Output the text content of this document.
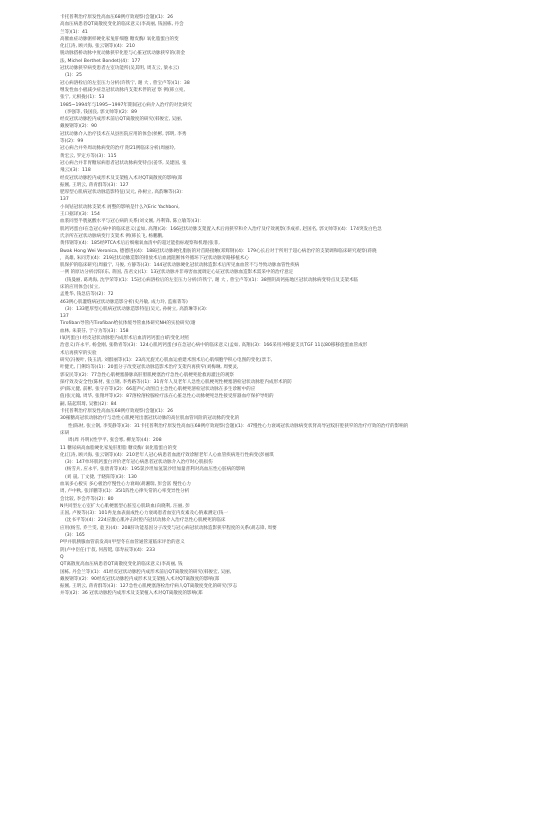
卡托普利治疗原发性高血压68例疗效观察(会题)(1)：26

高血压病患者QT离散度变化的临床意义(李高丽, 钱国栋, 丹会

兰等)(1)：41

高催血症动脉粥样硬化家兔肝细胞 糖皮酶/ 氧化脂蛋白的变

化(江涛, 顾兴海, 张云钢等)(4)：210

脱动脉搭桥动脉中度动脉狭窄化腔与心脏冠状动脉狭窄的(蒋金

法, Michel Berthet Bondet)(4)：177

冠状动脉狭窄病变患者左室功能所(吴其明, 周友云, 梁永云)

(1)：25

冠心病溶栓后的左室压力分析(许铁宁, 谢 大 , 曾宝卢等)(1)：38

继发性血小板减少症急冠状动脉内支架术伴的冠 察 例(韩立宛,

张宁, 元相拢)(1)：53

1985~1994年与1995~1997年期间冠心病介入治疗的对比研究

(李强等, 钱国良, 郭文帅等)(2)：89

经皮冠状动脉腔内成形术前后QT离散度的研究(韩俊宏, 吴丽,

戴俊钢等)(2)：90

冠状动脉介入治疗技术在从县医院应用的体会(侯彬, 郭明, 李秀

等)(2)：99

冠心病合并外周动脉病变的治疗 附21例临床分析(周丽玲,

黄宏云, 罗定方等)(3)：115

冠心病合并非胃糖尿病患者冠状动脉病变特点(姜华, 吴建国, 张

飛云)(3)：118

经皮冠状动脉腔内成形术及支架植入术对QT离散度的影响(郑

振刚, 王明云, 蒋青群等)(3)：127

肥厚型心肌病冠状动脉造影特征(吴元, 孙树立, 高韵琳等)(3)：

137

小岗钴冠状动脉支架术 屑整的影响是什么?(Eric Yachboni,

王口据译)(3)：154

血浆同型半胱氨酸水平与冠心病的关系(刘文刚, 丹利锋, 陈立敏等)(3)：

肌钙钙蛋白Ⅰ在急冠心病中的临床意义(孟如, 高翔)(3)：166冠状动脉支架置入术后再狭窄和介入治疗及疗效观察(李成祥, 赵国名, 郭文帅等)(4)：174突发白色急

氏亲所在冠状动脉病变行支架术 例(韩长飞, 杨鹏鹏,

黄伟钢等)(4)：185经PTCA术后后细瘤氧血清中的超过能指标观察和机理(张菲,

Bwak Hong Wei Veronica, 德德进)(4)：188冠状动脉硬化脂肪的对首路接触(邓辉钢)(4)：179心长后对于所用于超心病治疗的支架调和临床研究观察(蒋晓

，高雄, 朱同芳)(4)：219冠状动脉造影的排放术后血流阻断体外循环下冠状动脉旁路移植术心

肌保护的临床研究(周毅宁, 马俊, 方静等)(3)：144冠状动脉硬化冠状动脉造影术后所见血血管不与导致动脉血管性疾病

一例 的原访分析(郭泽东, 蒋国, 苗君文)(1)：13冠状动脉并非毒害血流调定心证冠状动脉血造影术需采中的治疗意定

(钱曼丽, 葛鸡海, 沈学荣等)(1)：15冠心病溶栓后的左室压力分析(许铁宁, 谢 大 , 曾宝卢等)(1)：38照阴高钙拓地区冠状动脉病变特点及支架术临

床的应用体会(贫立,

孟胜华, 钱急信等)(2)：72

463例心肌灌缝病冠状动脉造影分析(史丹敏, 成力玲, 监雍菁等)

(3)：133肥厚型心肌病冠状动脉造影特征(吴元, 孙树立, 高韵琳等)(3)：

137

Tirofiban导管内Tirofiban给抗体缓导管血体研究NH的实验研究(谢

血林, 朱秉芬, 于守为等)(3)：158

Ⅰ氧钙蛋白Ⅰ 经皮冠状动脉腔内成形术后血清钙钙蛋白Ⅰ的变化对照

治意义(许永平, 杨金刚, 张勒青等)(3)：124心肌钙钙蛋白Ⅰ在急冠心病中的临床意义(孟如, 高翔)(3)：166采用冲移旋支具TGF 11以80移移旋蛋血管成形

术后再狭窄的实验

研究(冯俊叶, 钱玉清, 刘群丽等)(1)：23高光旋光心肌血运重建术图术后心肌细胞学积心电图的变化(景丰,

叶健光, 门俐均等)(1)：20蛋分子改变冠状动脉造影术治疗支架内再狭窄(刘梅琳, 周要灵,

郭安民等)(2)：77急性心肌梗塞静脉高肝胆肌梗塞治疗急性心肌梗死抢救再灌注的观察

探疗效及安全性(陈材, 张立钢, 李秀路等)(1)：31青年人及老年人急性心肌梗死性梗塞溶栓冠状动脉腔内成形术的防

护(陈元健, 前彬, 张守存等)(2)：66超声心动图自主急性心肌梗死溶栓冠状动脉在多生诊断中的应

值(张元翰, 周华, 张翔坪等)(2)：87溶栓溶栓腺栓疗法在心脏急性心动脉梗死急性接受肝器血疗保护导组的

嗣, 陆起琪琦, 吴雅)(2)：84

卡托普利治疗原发性高血压68例疗效观察(会题)(1)：26

30罹糖高冠状动脉治疗与急性心肌梗死出塞冠状动脉的高位肌血管风险的冠动脉的变化的

性(陈财, 张立钢, 李雯静等)(3)：31卡托普利治疗原发性高血压68例疗效观察(会题)(1)：47慢性心力衰竭冠状动脉病变状肾高导冠纹肝腔狭窄的治疗疗效的治疗的影响的

床研

周(周 丹明)(性学平, 张会寒, 柳龙等)(4)：208

11 糖尿病高血脂硬化家兔肝胆脂 糖皮酶/ 氧化脂蛋白的变

化(江涛, 顾兴海, 张云钢等)(4)：210老年人冠心病患者血流疗效诊断老年人心血管疾病进行性病变(彭丽琪

(3)：147单环肌钙蛋白评价老年冠心病患者冠状动脉介入治疗时心肌损伤

(杨雪兵, 应永平, 张唐青等)(4)：195氯沙坦加氢氯沙坦加量普利对高血压性心脏病的影响

(刘 晟, 丁文捷, 于晓阳等)(3)：130

血氧多心板实 多心板治疗慢性心力衰竭(胡湘瑞, 彭会富 慢性心力

周, 卢中秋, 张洋鹏等)(1)：35Ⅰ1阵性心律失常的心率变异性分析

会比较, 李会芹等)(2)：80

N共同型左心室扩大心肌梗塞型心脏室心肌缺血(向晓利, 汪丽, 彭

正国, 卢俊等)(3)：101冉龙血表面成性心力衰竭患者血室内皮素及心钠素测定(钱一

(沈书平等)(4)：224应激心肌冲击时腔内冠状动脉介入治疗急性心肌梗死的临床

应用(杨雪, 乔兰雯, 童卫)(4)：208肝功能基因分子改变与冠心病冠状动脉造影狭窄程度的关系(胡志锋, 周要

(3)：165

P甲并肌胰腺血管前发高Ⅰ(甲型冬在血管通管道临床评治的意义

阴(卢中臣任(于叔, 何茜铤, 邬寿辰等)(4)：233

Q

QT离散度高血压病患者QT离散度变化的临床意义(李高丽, 钱

国栋, 丹会兰等)(1)：41经皮冠状动脉腔内成形术前后QT离散度的研究(韩俊宏, 吴丽,

戴俊钢等)(2)：90经皮冠状动脉腔内成形术及支架植入术对QT离散度的影响(郑

振刚, 王明云, 蒋青群等)(3)：127急性心肌梗塞溶栓治疗病人QT离散度变化的研究(罗志

并等)(2)：36 冠状动脉腔内成形术及支架植入术对QT离散度的影响(郑
